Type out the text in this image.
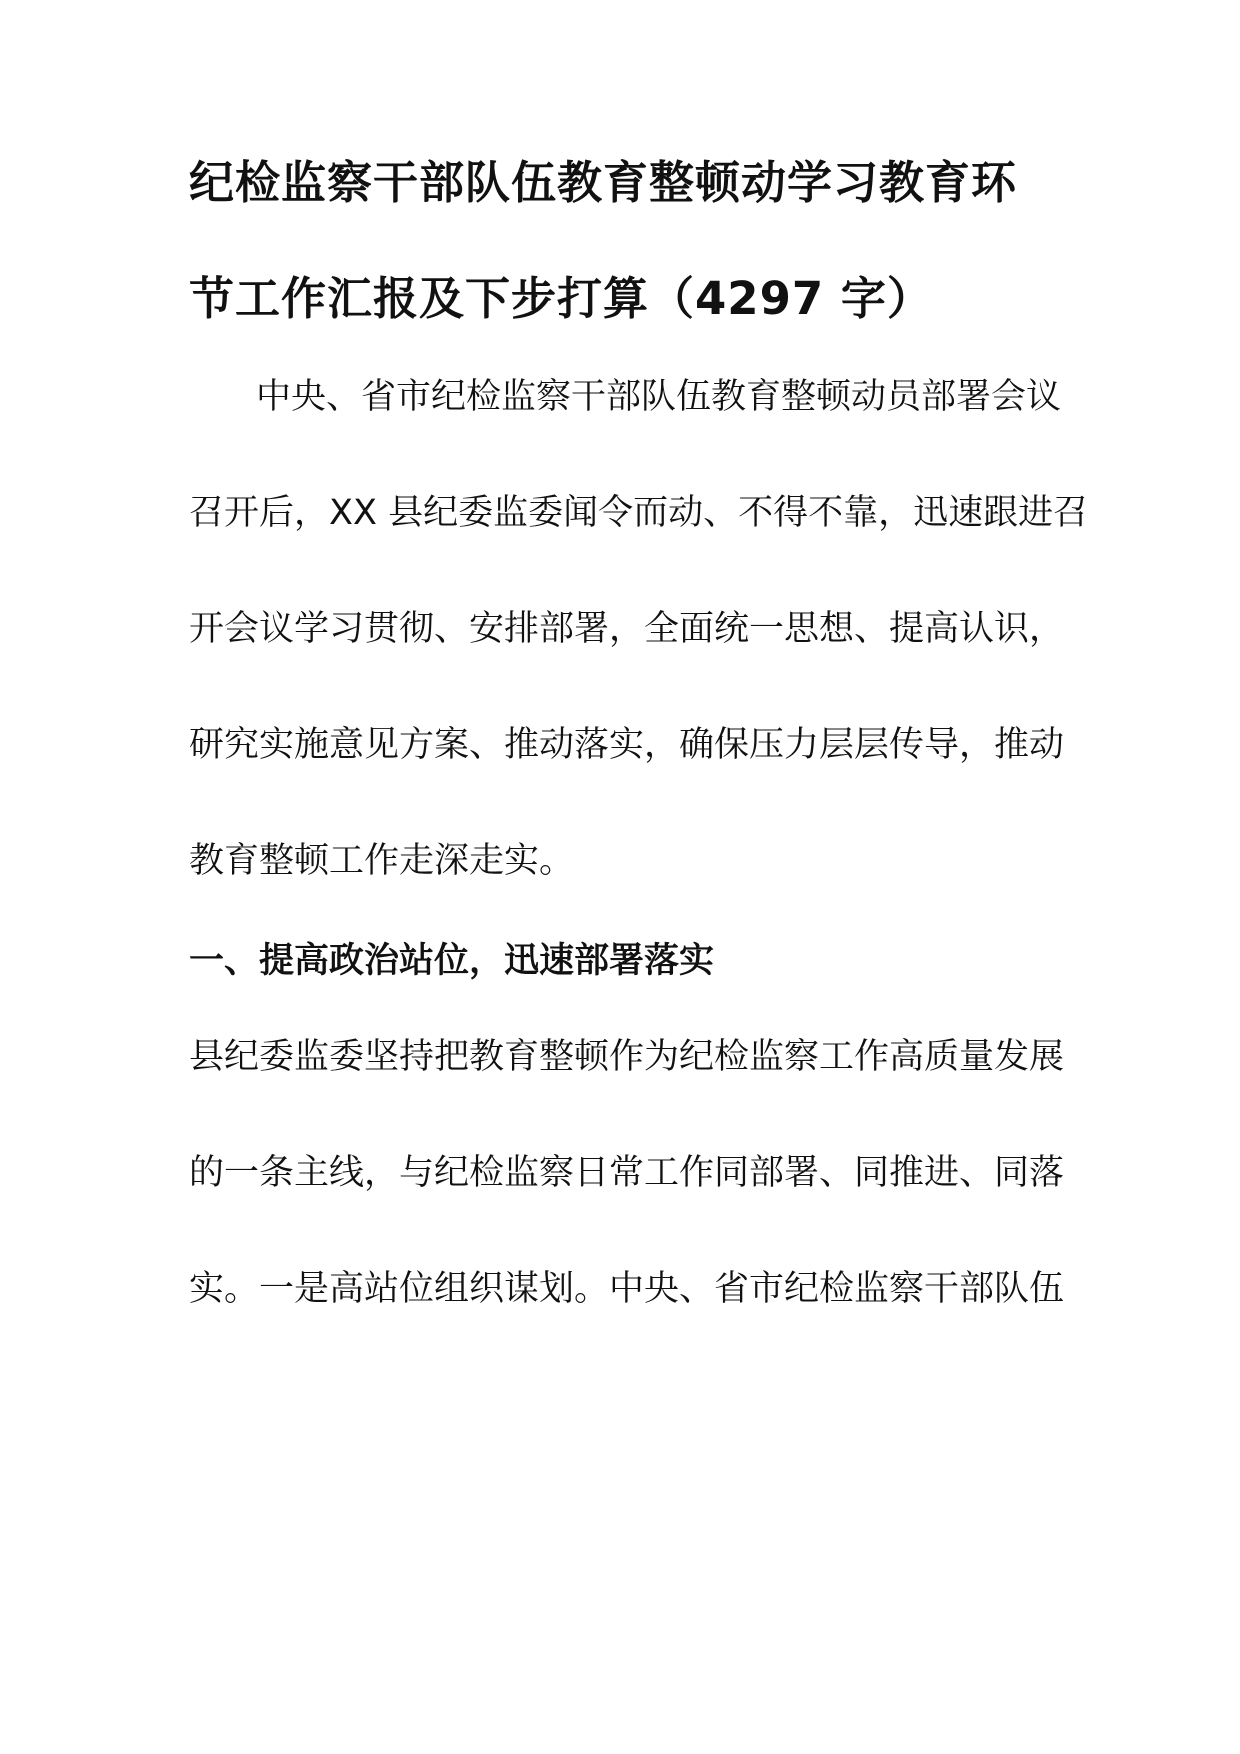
纪检监察干部队伍教育整顿动学习教育环
节工作汇报及下步打算（4297 字）
中央、省市纪检监察干部队伍教育整顿动员部署会议
召开后，XX 县纪委监委闻令而动、不得不靠，迅速跟进召
开会议学习贯彻、安排部署，全面统一思想、提高认识，
研究实施意见方案、推动落实，确保压力层层传导，推动
教育整顿工作走深走实。
一、提高政治站位，迅速部署落实
县纪委监委坚持把教育整顿作为纪检监察工作高质量发展
的一条主线，与纪检监察日常工作同部署、同推进、同落
实。一是高站位组织谋划。中央、省市纪检监察干部队伍
